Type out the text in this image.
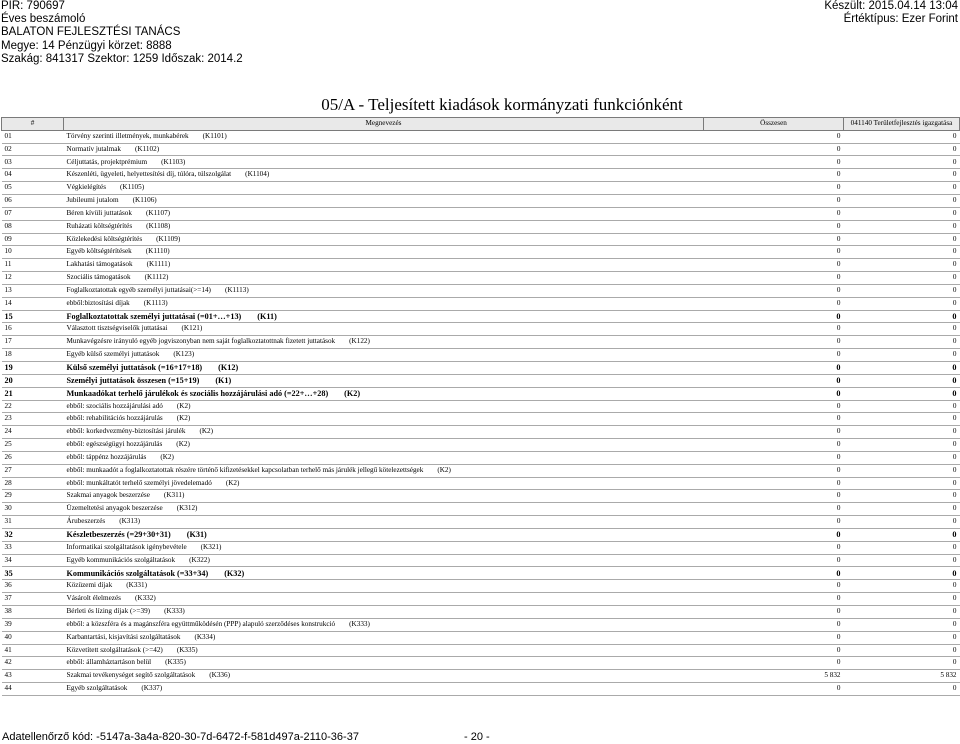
PIR: 790697
Éves beszámoló
BALATON FEJLESZTÉSI TANÁCS
Megye: 14 Pénzügyi körzet: 8888
Szakág: 841317 Szektor: 1259 Időszak: 2014.2
Készült: 2015.04.14 13:04
Értéktípus: Ezer Forint
05/A - Teljesített kiadások kormányzati funkciónként
#	Megnevezés	Összesen	041140 Területfejlesztés igazgatása
01	Törvény szerinti illetmények, munkabérek (K1101)	0	0
02	Normatív jutalmak (K1102)	0	0
03	Céljuttatás, projektprémium (K1103)	0	0
04	Készenléti, ügyeleti, helyettesítési díj, túlóra, túlszolgálat (K1104)	0	0
05	Végkielégítés (K1105)	0	0
06	Jubileumi jutalom (K1106)	0	0
07	Béren kívüli juttatások (K1107)	0	0
08	Ruházati költségtérítés (K1108)	0	0
09	Közlekedési költségtérítés (K1109)	0	0
10	Egyéb költségtérítések (K1110)	0	0
11	Lakhatási támogatások (K1111)	0	0
12	Szociális támogatások (K1112)	0	0
13	Foglalkoztatottak egyéb személyi juttatásai(>=14) (K1113)	0	0
14	ebből:biztosítási díjak (K1113)	0	0
15	Foglalkoztatottak személyi juttatásai (=01+…+13) (K11)	0	0
16	Választott tisztségviselők juttatásai (K121)	0	0
17	Munkavégzésre irányuló egyéb jogviszonyban nem saját foglalkoztatottnak fizetett juttatások (K122)	0	0
18	Egyéb külső személyi juttatások (K123)	0	0
19	Külső személyi juttatások (=16+17+18) (K12)	0	0
20	Személyi juttatások összesen (=15+19) (K1)	0	0
21	Munkaadókat terhelő járulékok és szociális hozzájárulási adó (=22+…+28) (K2)	0	0
22	ebből: szociális hozzájárulási adó (K2)	0	0
23	ebből: rehabilitációs hozzájárulás (K2)	0	0
24	ebből: korkedvezmény-biztosítási járulék (K2)	0	0
25	ebből: egészségügyi hozzájárulás (K2)	0	0
26	ebből: táppénz hozzájárulás (K2)	0	0
27	ebből: munkaadót a foglalkoztatottak részére történő kifizetésekkel kapcsolatban terhelő más járulék jellegű kötelezettségek (K2)	0	0
28	ebből: munkáltatót terhelő személyi jövedelemadó (K2)	0	0
29	Szakmai anyagok beszerzése (K311)	0	0
30	Üzemeltetési anyagok beszerzése (K312)	0	0
31	Árubeszerzés (K313)	0	0
32	Készletbeszerzés (=29+30+31) (K31)	0	0
33	Informatikai szolgáltatások igénybevétele (K321)	0	0
34	Egyéb kommunikációs szolgáltatások (K322)	0	0
35	Kommunikációs szolgáltatások (=33+34) (K32)	0	0
36	Közüzemi díjak (K331)	0	0
37	Vásárolt élelmezés (K332)	0	0
38	Bérleti és lízing díjak (>=39) (K333)	0	0
39	ebből: a közszféra és a magánszféra együttműködésén (PPP) alapuló szerződéses konstrukció (K333)	0	0
40	Karbantartási, kisjavítási szolgáltatások (K334)	0	0
41	Közvetített szolgáltatások (>=42) (K335)	0	0
42	ebből: államháztartáson belül (K335)	0	0
43	Szakmai tevékenységet segítő szolgáltatások (K336)	5 832	5 832
44	Egyéb szolgáltatások (K337)	0	0
Adatellenőrző kód: -5147a-3a4a-820-30-7d-6472-f-581d497a-2110-36-37	- 20 -
